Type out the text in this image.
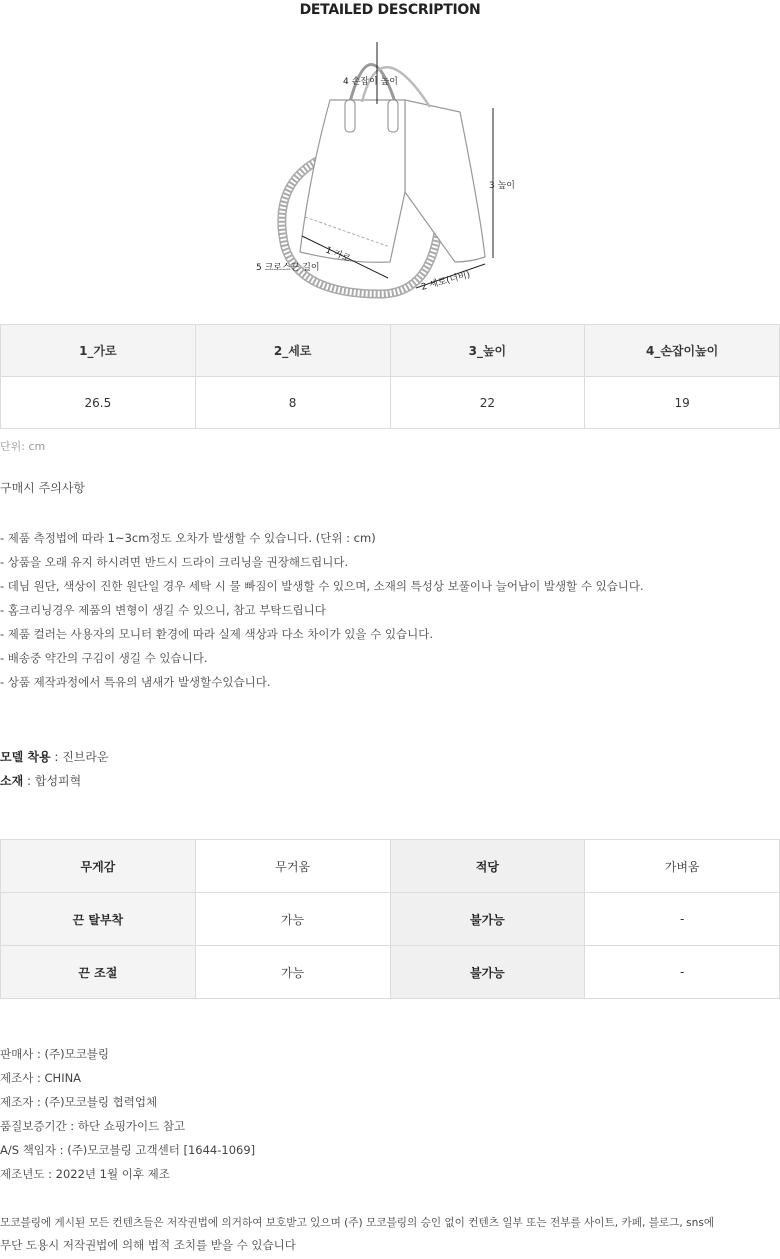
DETAILED DESCRIPTION
4 손잡이 높이
3 높이
1 가로
5 크로스끈 길이
2 세로(너비)
1_가로	2_세로	3_높이	4_손잡이높이
26.5	8	22	19
단위: cm
구매시 주의사항
- 제품 측정법에 따라 1~3cm정도 오차가 발생할 수 있습니다. (단위 : cm)
- 상품을 오래 유지 하시려면 반드시 드라이 크리닝을 권장해드립니다.
- 데님 원단, 색상이 진한 원단일 경우 세탁 시 물 빠짐이 발생할 수 있으며, 소재의 특성상 보풀이나 늘어남이 발생할 수 있습니다.
- 홈크리닝경우 제품의 변형이 생길 수 있으니, 참고 부탁드립니다
- 제품 컬러는 사용자의 모니터 환경에 따라 실제 색상과 다소 차이가 있을 수 있습니다.
- 배송중 약간의 구김이 생길 수 있습니다.
- 상품 제작과정에서 특유의 냄새가 발생할수있습니다.
모델 착용 : 진브라운
소재 : 합성피혁
무게감	무거움	적당	가벼움
끈 탈부착	가능	불가능	-
끈 조절	가능	불가능	-
판매사 : (주)모코블링
제조사 : CHINA
제조자 : (주)모코블링 협력업체
품질보증기간 : 하단 쇼핑가이드 참고
A/S 책임자 : (주)모코블링 고객센터 [1644-1069]
제조년도 : 2022년 1월 이후 제조
모코블링에 게시된 모든 컨텐츠들은 저작권법에 의거하여 보호받고 있으며 (주) 모코블링의 승인 없이 컨텐츠 일부 또는 전부를 사이트, 카페, 블로그, sns에
무단 도용시 저작권법에 의해 법적 조치를 받을 수 있습니다
